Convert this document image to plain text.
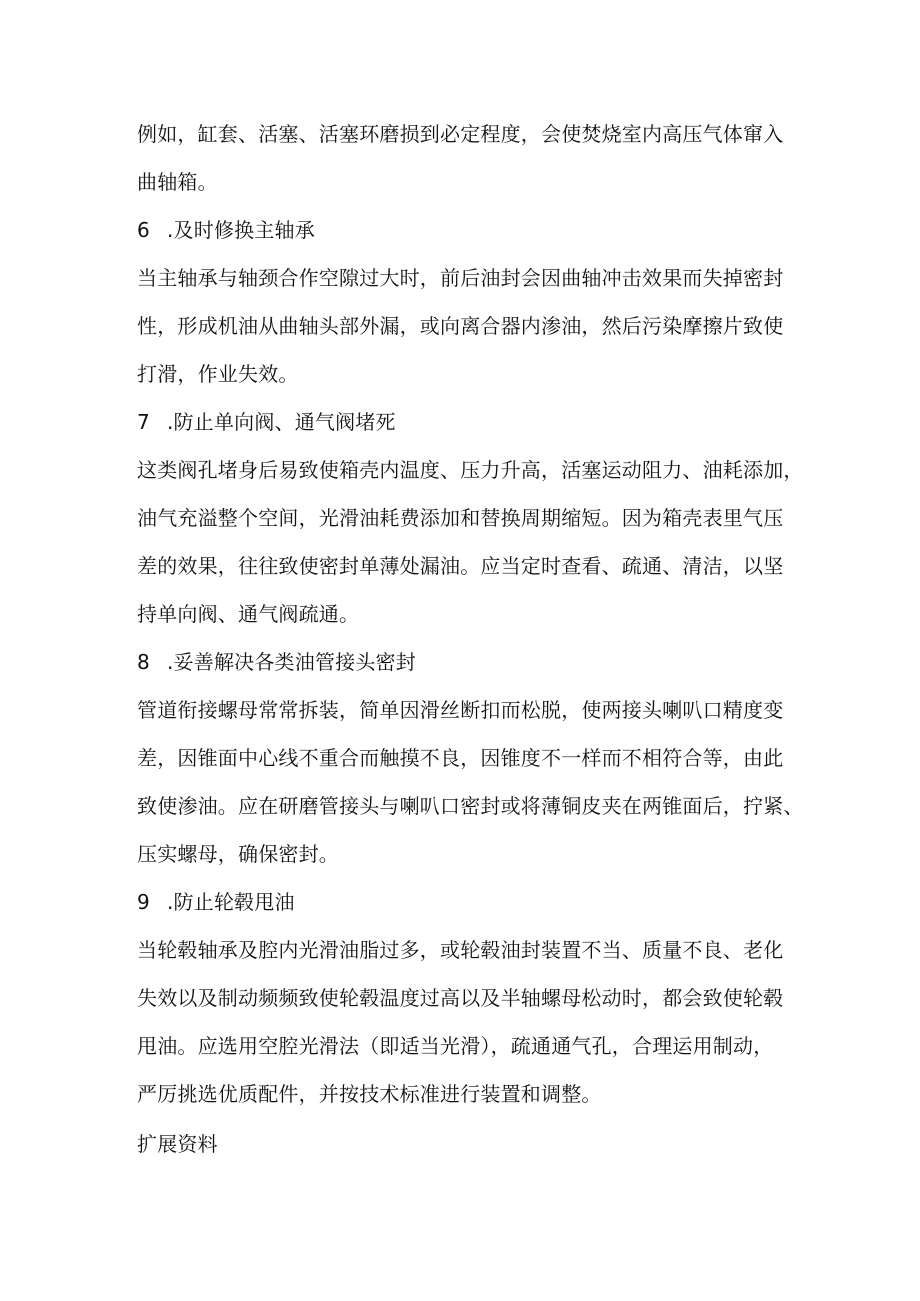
例如，缸套、活塞、活塞环磨损到必定程度，会使焚烧室内高压气体窜入
曲轴箱。
6 .及时修换主轴承
当主轴承与轴颈合作空隙过大时，前后油封会因曲轴冲击效果而失掉密封
性，形成机油从曲轴头部外漏，或向离合器内渗油，然后污染摩擦片致使
打滑，作业失效。
7 .防止单向阀、通气阀堵死
这类阀孔堵身后易致使箱壳内温度、压力升高，活塞运动阻力、油耗添加，
油气充溢整个空间，光滑油耗费添加和替换周期缩短。因为箱壳表里气压
差的效果，往往致使密封单薄处漏油。应当定时查看、疏通、清洁，以坚
持单向阀、通气阀疏通。
8 .妥善解决各类油管接头密封
管道衔接螺母常常拆装，简单因滑丝断扣而松脱，使两接头喇叭口精度变
差，因锥面中心线不重合而触摸不良，因锥度不一样而不相符合等，由此
致使渗油。应在研磨管接头与喇叭口密封或将薄铜皮夹在两锥面后，拧紧、
压实螺母，确保密封。
9 .防止轮毂甩油
当轮毂轴承及腔内光滑油脂过多，或轮毂油封装置不当、质量不良、老化
失效以及制动频频致使轮毂温度过高以及半轴螺母松动时，都会致使轮毂
甩油。应选用空腔光滑法（即适当光滑），疏通通气孔，合理运用制动，
严厉挑选优质配件，并按技术标准进行装置和调整。
扩展资料
